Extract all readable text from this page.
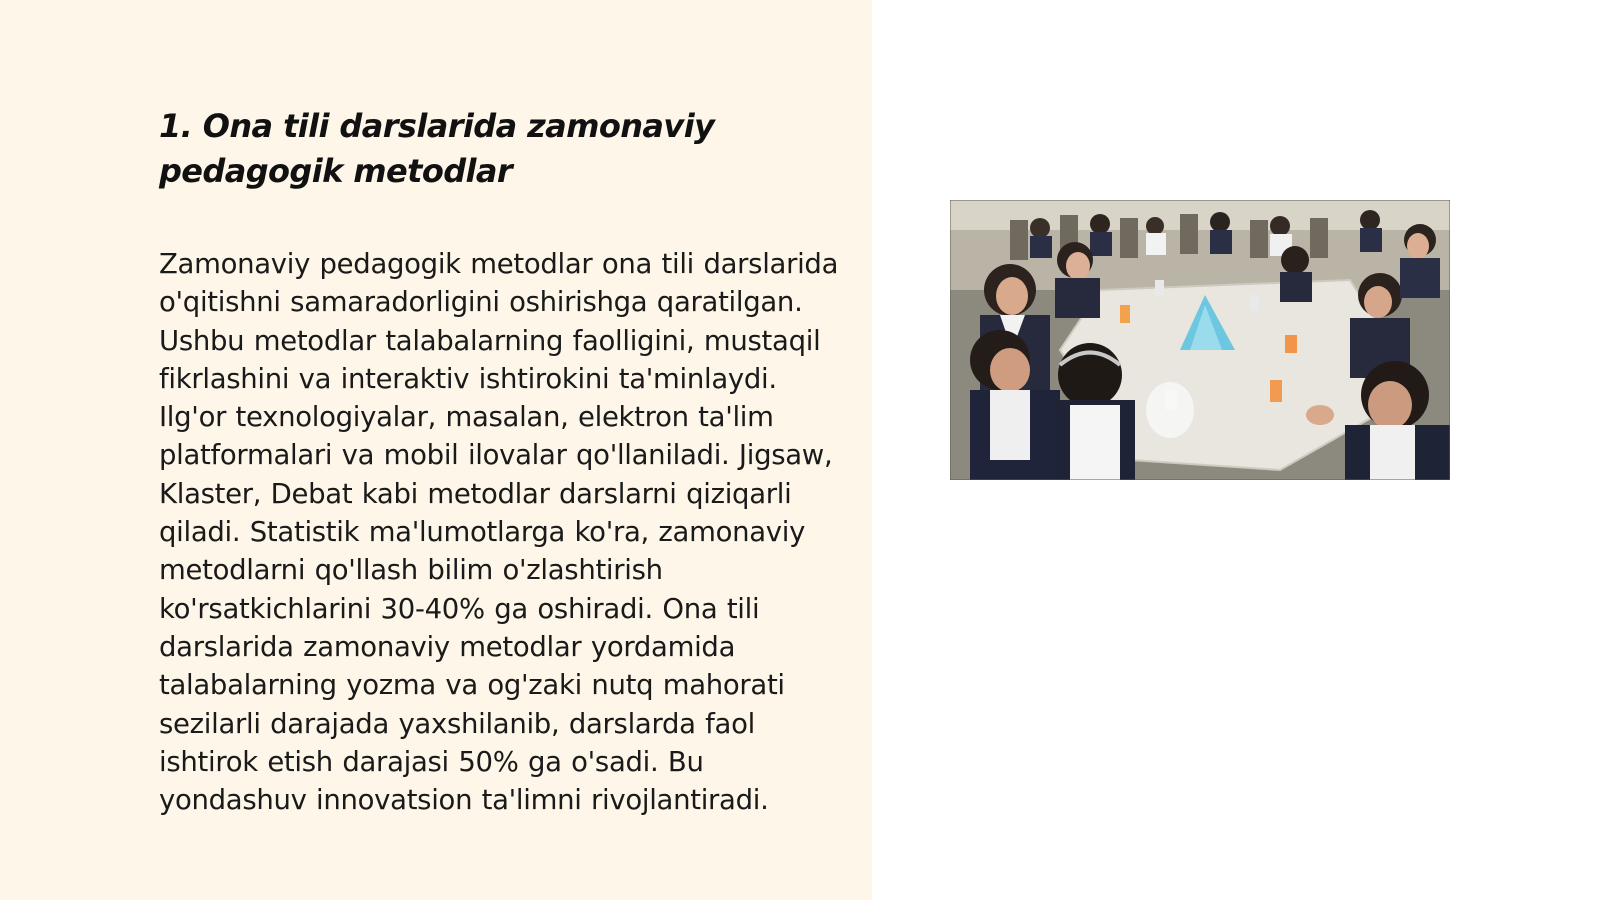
1. Ona tili darslarida zamonaviy pedagogik metodlar

Zamonaviy pedagogik metodlar ona tili darslarida o'qitishni samaradorligini oshirishga qaratilgan. Ushbu metodlar talabalarning faolligini, mustaqil fikrlashini va interaktiv ishtirokini ta'minlaydi. Ilg'or texnologiyalar, masalan, elektron ta'lim platformalari va mobil ilovalar qo'llaniladi. Jigsaw, Klaster, Debat kabi metodlar darslarni qiziqarli qiladi. Statistik ma'lumotlarga ko'ra, zamonaviy metodlarni qo'llash bilim o'zlashtirish ko'rsatkichlarini 30-40% ga oshiradi. Ona tili darslarida zamonaviy metodlar yordamida talabalarning yozma va og'zaki nutq mahorati sezilarli darajada yaxshilanib, darslarda faol ishtirok etish darajasi 50% ga o'sadi. Bu yondashuv innovatsion ta'limni rivojlantiradi.
